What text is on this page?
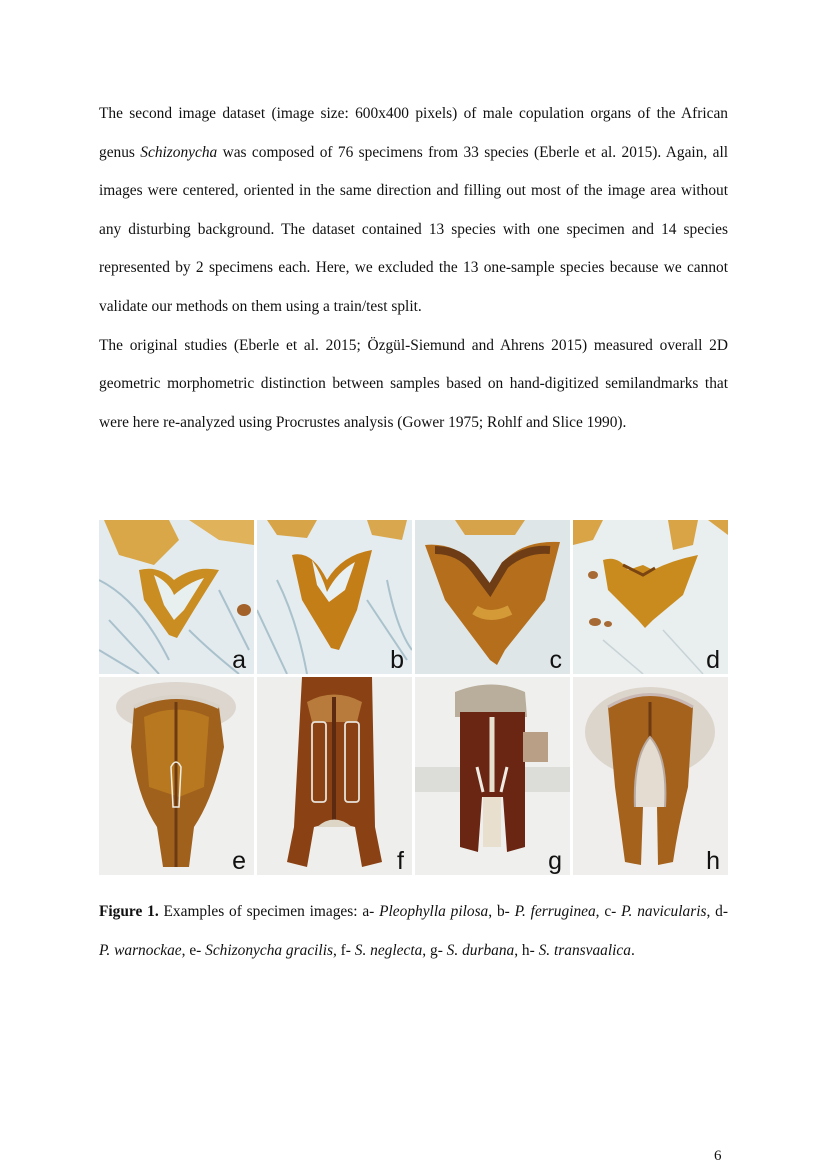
The second image dataset (image size: 600x400 pixels) of male copulation organs of the African genus Schizonycha was composed of 76 specimens from 33 species (Eberle et al. 2015). Again, all images were centered, oriented in the same direction and filling out most of the image area without any disturbing background. The dataset contained 13 species with one specimen and 14 species represented by 2 specimens each. Here, we excluded the 13 one-sample species because we cannot validate our methods on them using a train/test split.

The original studies (Eberle et al. 2015; Özgül-Siemund and Ahrens 2015) measured overall 2D geometric morphometric distinction between samples based on hand-digitized semilandmarks that were here re-analyzed using Procrustes analysis (Gower 1975; Rohlf and Slice 1990).

a	b	c	d
e	f	g	h
Figure 1. Examples of specimen images: a- Pleophylla pilosa, b- P. ferruginea, c- P. navicularis, d- P. warnockae, e- Schizonycha gracilis, f- S. neglecta, g- S. durbana, h- S. transvaalica.
6
